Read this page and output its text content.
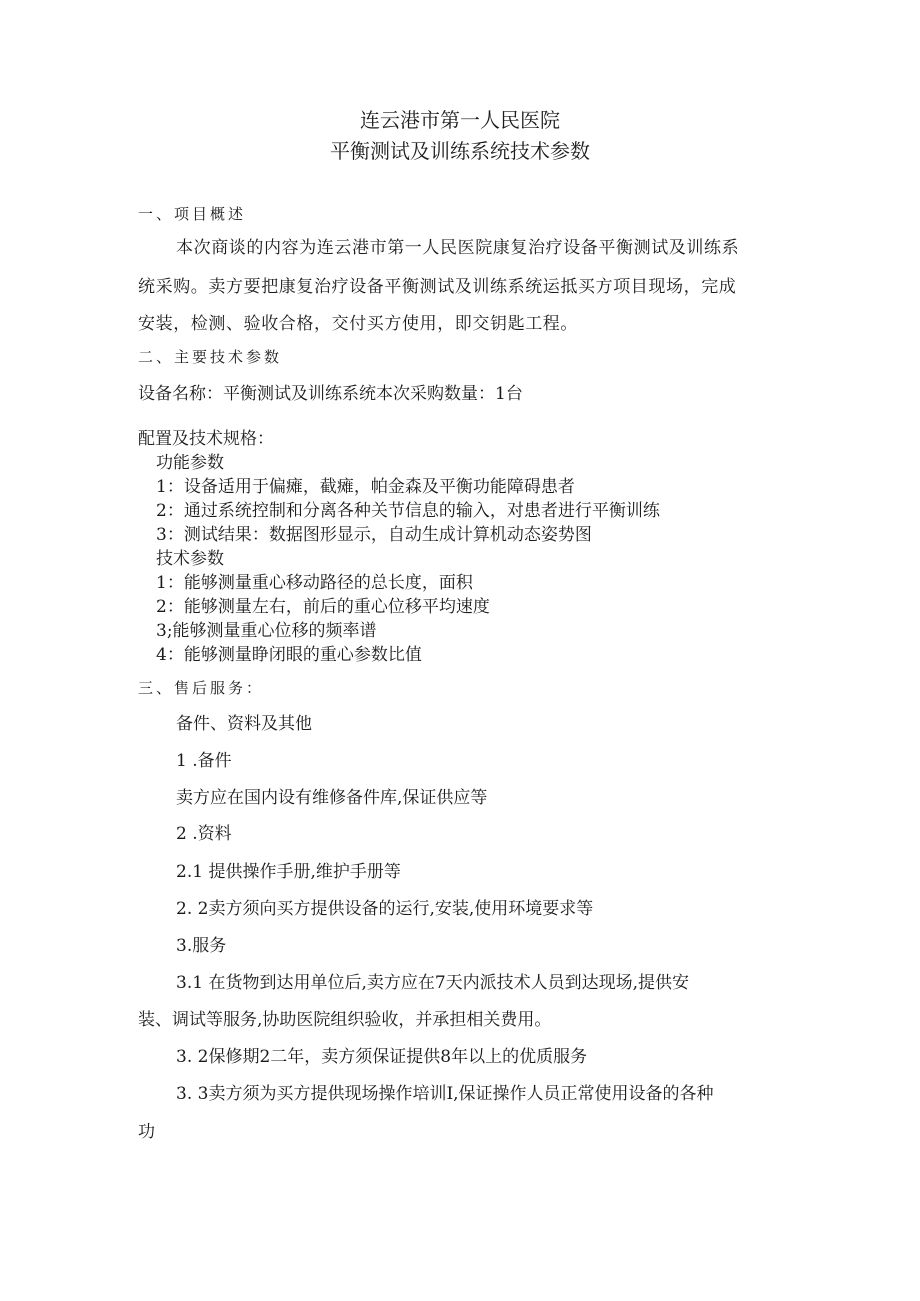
连云港市第一人民医院
平衡测试及训练系统技术参数
一、项目概述
本次商谈的内容为连云港市第一人民医院康复治疗设备平衡测试及训练系
统采购。卖方要把康复治疗设备平衡测试及训练系统运抵买方项目现场，完成
安装，检测、验收合格，交付买方使用，即交钥匙工程。
二、主要技术参数
设备名称：平衡测试及训练系统本次采购数量：1台
配置及技术规格：
功能参数
1：设备适用于偏瘫，截瘫，帕金森及平衡功能障碍患者
2：通过系统控制和分离各种关节信息的输入，对患者进行平衡训练
3：测试结果：数据图形显示，自动生成计算机动态姿势图
技术参数
1：能够测量重心移动路径的总长度，面积
2：能够测量左右，前后的重心位移平均速度
3;能够测量重心位移的频率谱
4：能够测量睁闭眼的重心参数比值
三、售后服务：
备件、资料及其他
1 .备件
卖方应在国内设有维修备件库,保证供应等
2 .资料
2.1 提供操作手册,维护手册等
2. 2卖方须向买方提供设备的运行,安装,使用环境要求等
3.服务
3.1 在货物到达用单位后,卖方应在7天内派技术人员到达现场,提供安
装、调试等服务,协助医院组织验收，并承担相关费用。
3. 2保修期2二年，卖方须保证提供8年以上的优质服务
3. 3卖方须为买方提供现场操作培训I,保证操作人员正常使用设备的各种
功
